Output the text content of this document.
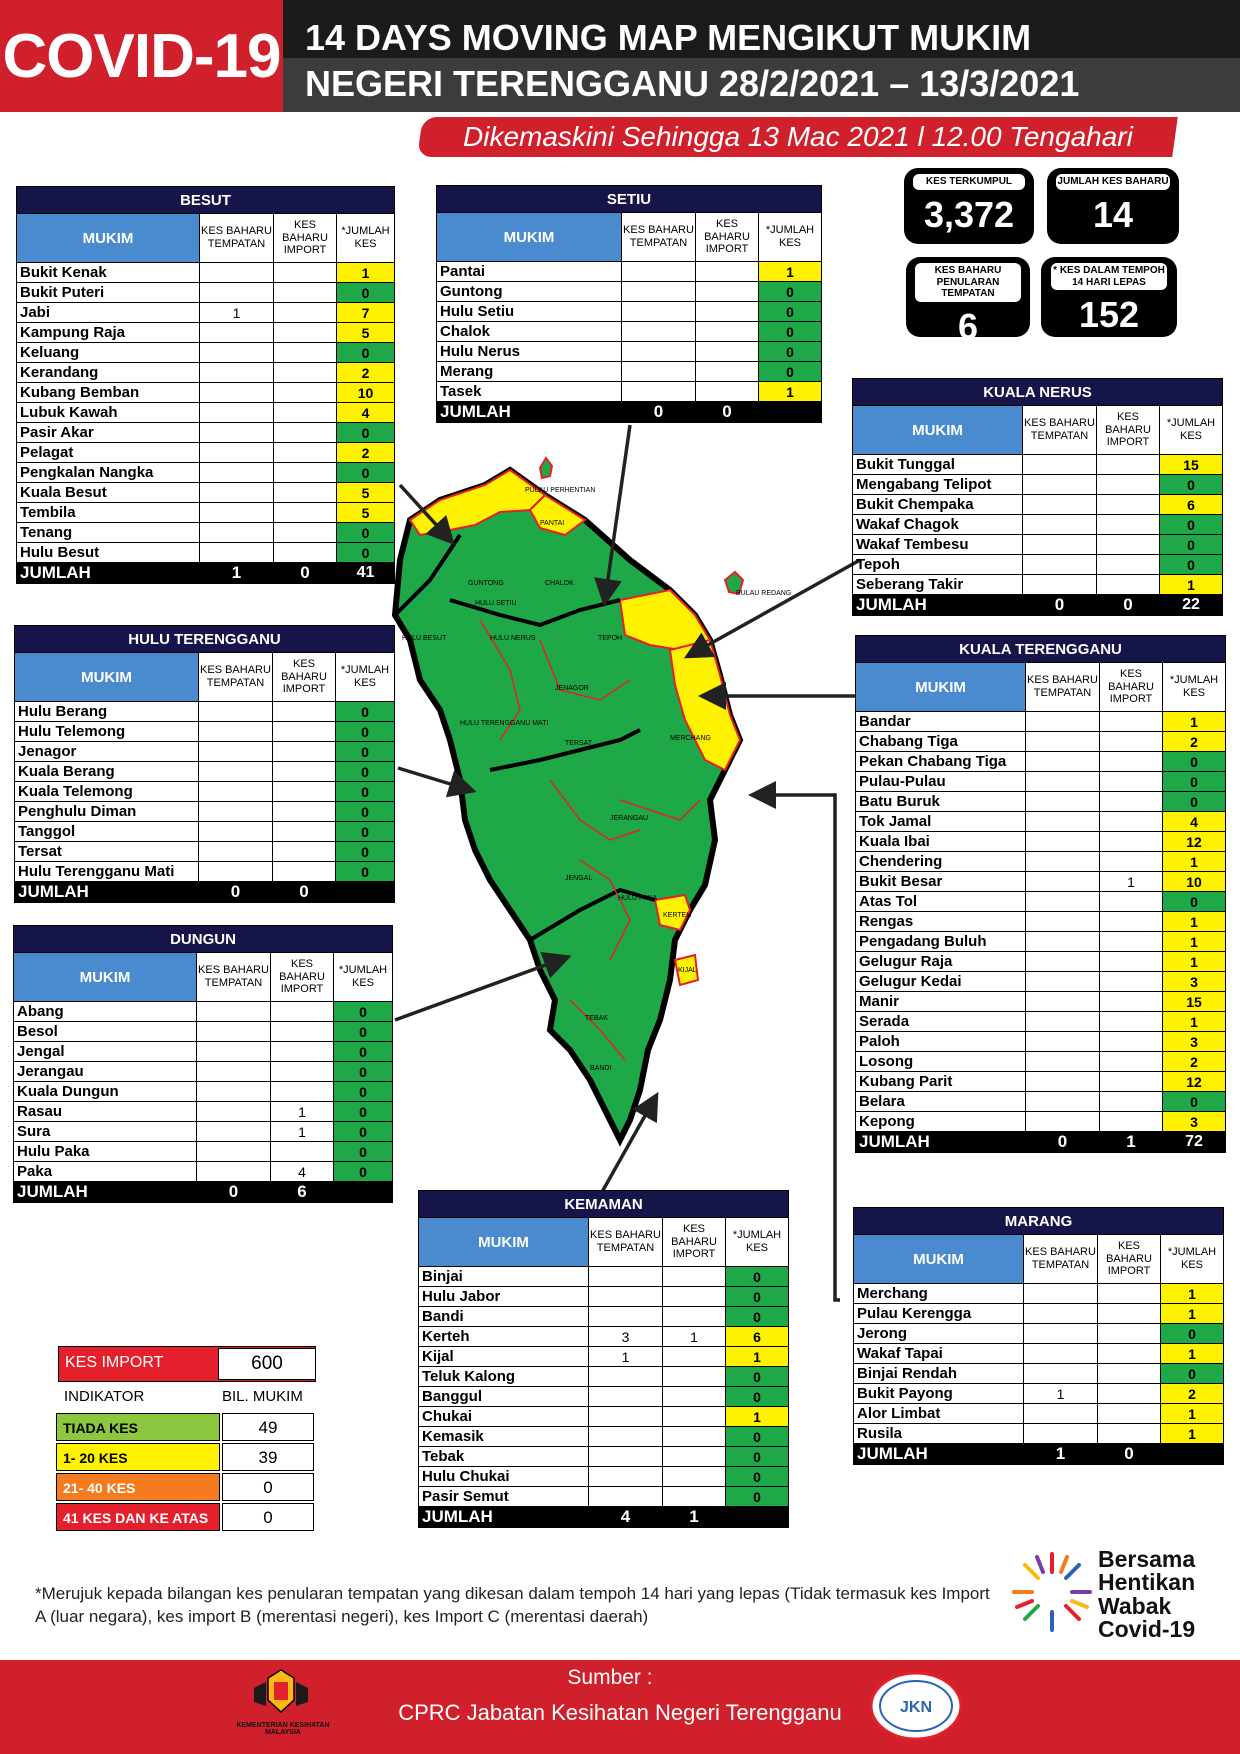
COVID-19 14 DAYS MOVING MAP MENGIKUT MUKIM
NEGERI TERENGGANU 28/2/2021 – 13/3/2021
Dikemaskini Sehingga 13 Mac 2021 l 12.00 Tengahari
PULAU PERHENTIAN
PULAU REDANG
HULU BESUT
GUNTONG
PANTAI
CHALOK
HULU SETIU
HULU NERUS	TEPOH
JENAGOR
HULU TERENGGANU MATI
TERSAT
MERCHANG
JERANGAU
JENGAL
HULU PAKA
KERTEH
KIJAL
TEBAK
BANDI
KES TERKUMPUL
3,372
JUMLAH KES BAHARU
14
KES BAHARU PENULARAN TEMPATAN
6
* KES DALAM TEMPOH 14 HARI LEPAS
152
BESUT			
MUKIM	KES BAHARU TEMPATAN	KES BAHARU IMPORT	*JUMLAH KES
Bukit Kenak			1
Bukit Puteri			0
Jabi	1		7
Kampung Raja			5
Keluang			0
Kerandang			2
Kubang Bemban			10
Lubuk Kawah			4
Pasir Akar			0
Pelagat			2
Pengkalan Nangka			0
Kuala Besut			5
Tembila			5
Tenang			0
Hulu Besut			0
JUMLAH	1	0	41
SETIU			
MUKIM	KES BAHARU TEMPATAN	KES BAHARU IMPORT	*JUMLAH KES
Pantai			1
Guntong			0
Hulu Setiu			0
Chalok			0
Hulu Nerus			0
Merang			0
Tasek			1
JUMLAH	0	0	2
KUALA NERUS			
MUKIM	KES BAHARU TEMPATAN	KES BAHARU IMPORT	*JUMLAH KES
Bukit Tunggal			15
Mengabang Telipot			0
Bukit Chempaka			6
Wakaf Chagok			0
Wakaf Tembesu			0
Tepoh			0
Seberang Takir			1
JUMLAH	0	0	22
HULU TERENGGANU			
MUKIM	KES BAHARU TEMPATAN	KES BAHARU IMPORT	*JUMLAH KES
Hulu Berang			0
Hulu Telemong			0
Jenagor			0
Kuala Berang			0
Kuala Telemong			0
Penghulu Diman			0
Tanggol			0
Tersat			0
Hulu Terengganu Mati			0
JUMLAH	0	0	0
KUALA TERENGGANU			
MUKIM	KES BAHARU TEMPATAN	KES BAHARU IMPORT	*JUMLAH KES
Bandar			1
Chabang Tiga			2
Pekan Chabang Tiga			0
Pulau-Pulau			0
Batu Buruk			0
Tok Jamal			4
Kuala Ibai			12
Chendering			1
Bukit Besar		1	10
Atas Tol			0
Rengas			1
Pengadang Buluh			1
Gelugur Raja			1
Gelugur Kedai			3
Manir			15
Serada			1
Paloh			3
Losong			2
Kubang Parit			12
Belara			0
Kepong			3
JUMLAH	0	1	72
DUNGUN			
MUKIM	KES BAHARU TEMPATAN	KES BAHARU IMPORT	*JUMLAH KES
Abang			0
Besol			0
Jengal			0
Jerangau			0
Kuala Dungun			0
Rasau		1	0
Sura		1	0
Hulu Paka			0
Paka		4	0
JUMLAH	0	6	0
KEMAMAN			
MUKIM	KES BAHARU TEMPATAN	KES BAHARU IMPORT	*JUMLAH KES
Binjai			0
Hulu Jabor			0
Bandi			0
Kerteh	3	1	6
Kijal	1		1
Teluk Kalong			0
Banggul			0
Chukai			1
Kemasik			0
Tebak			0
Hulu Chukai			0
Pasir Semut			0
JUMLAH	4	1	8
MARANG			
MUKIM	KES BAHARU TEMPATAN	KES BAHARU IMPORT	*JUMLAH KES
Merchang			1
Pulau Kerengga			1
Jerong			0
Wakaf Tapai			1
Binjai Rendah			0
Bukit Payong	1		2
Alor Limbat			1
Rusila			1
JUMLAH	1	0	7
KES IMPORT	600
INDIKATOR	BIL. MUKIM
TIADA KES	49
1- 20 KES	39
21- 40 KES	0
41 KES DAN KE ATAS	0
*Merujuk kepada bilangan kes penularan tempatan yang dikesan dalam tempoh 14 hari yang lepas (Tidak termasuk kes Import A (luar negara), kes import B (merentasi negeri), kes Import C (merentasi daerah)
Bersama
Hentikan
Wabak
Covid-19
KEMENTERIAN KESIHATAN MALAYSIA
Sumber :
CPRC Jabatan Kesihatan Negeri Terengganu	JKN
